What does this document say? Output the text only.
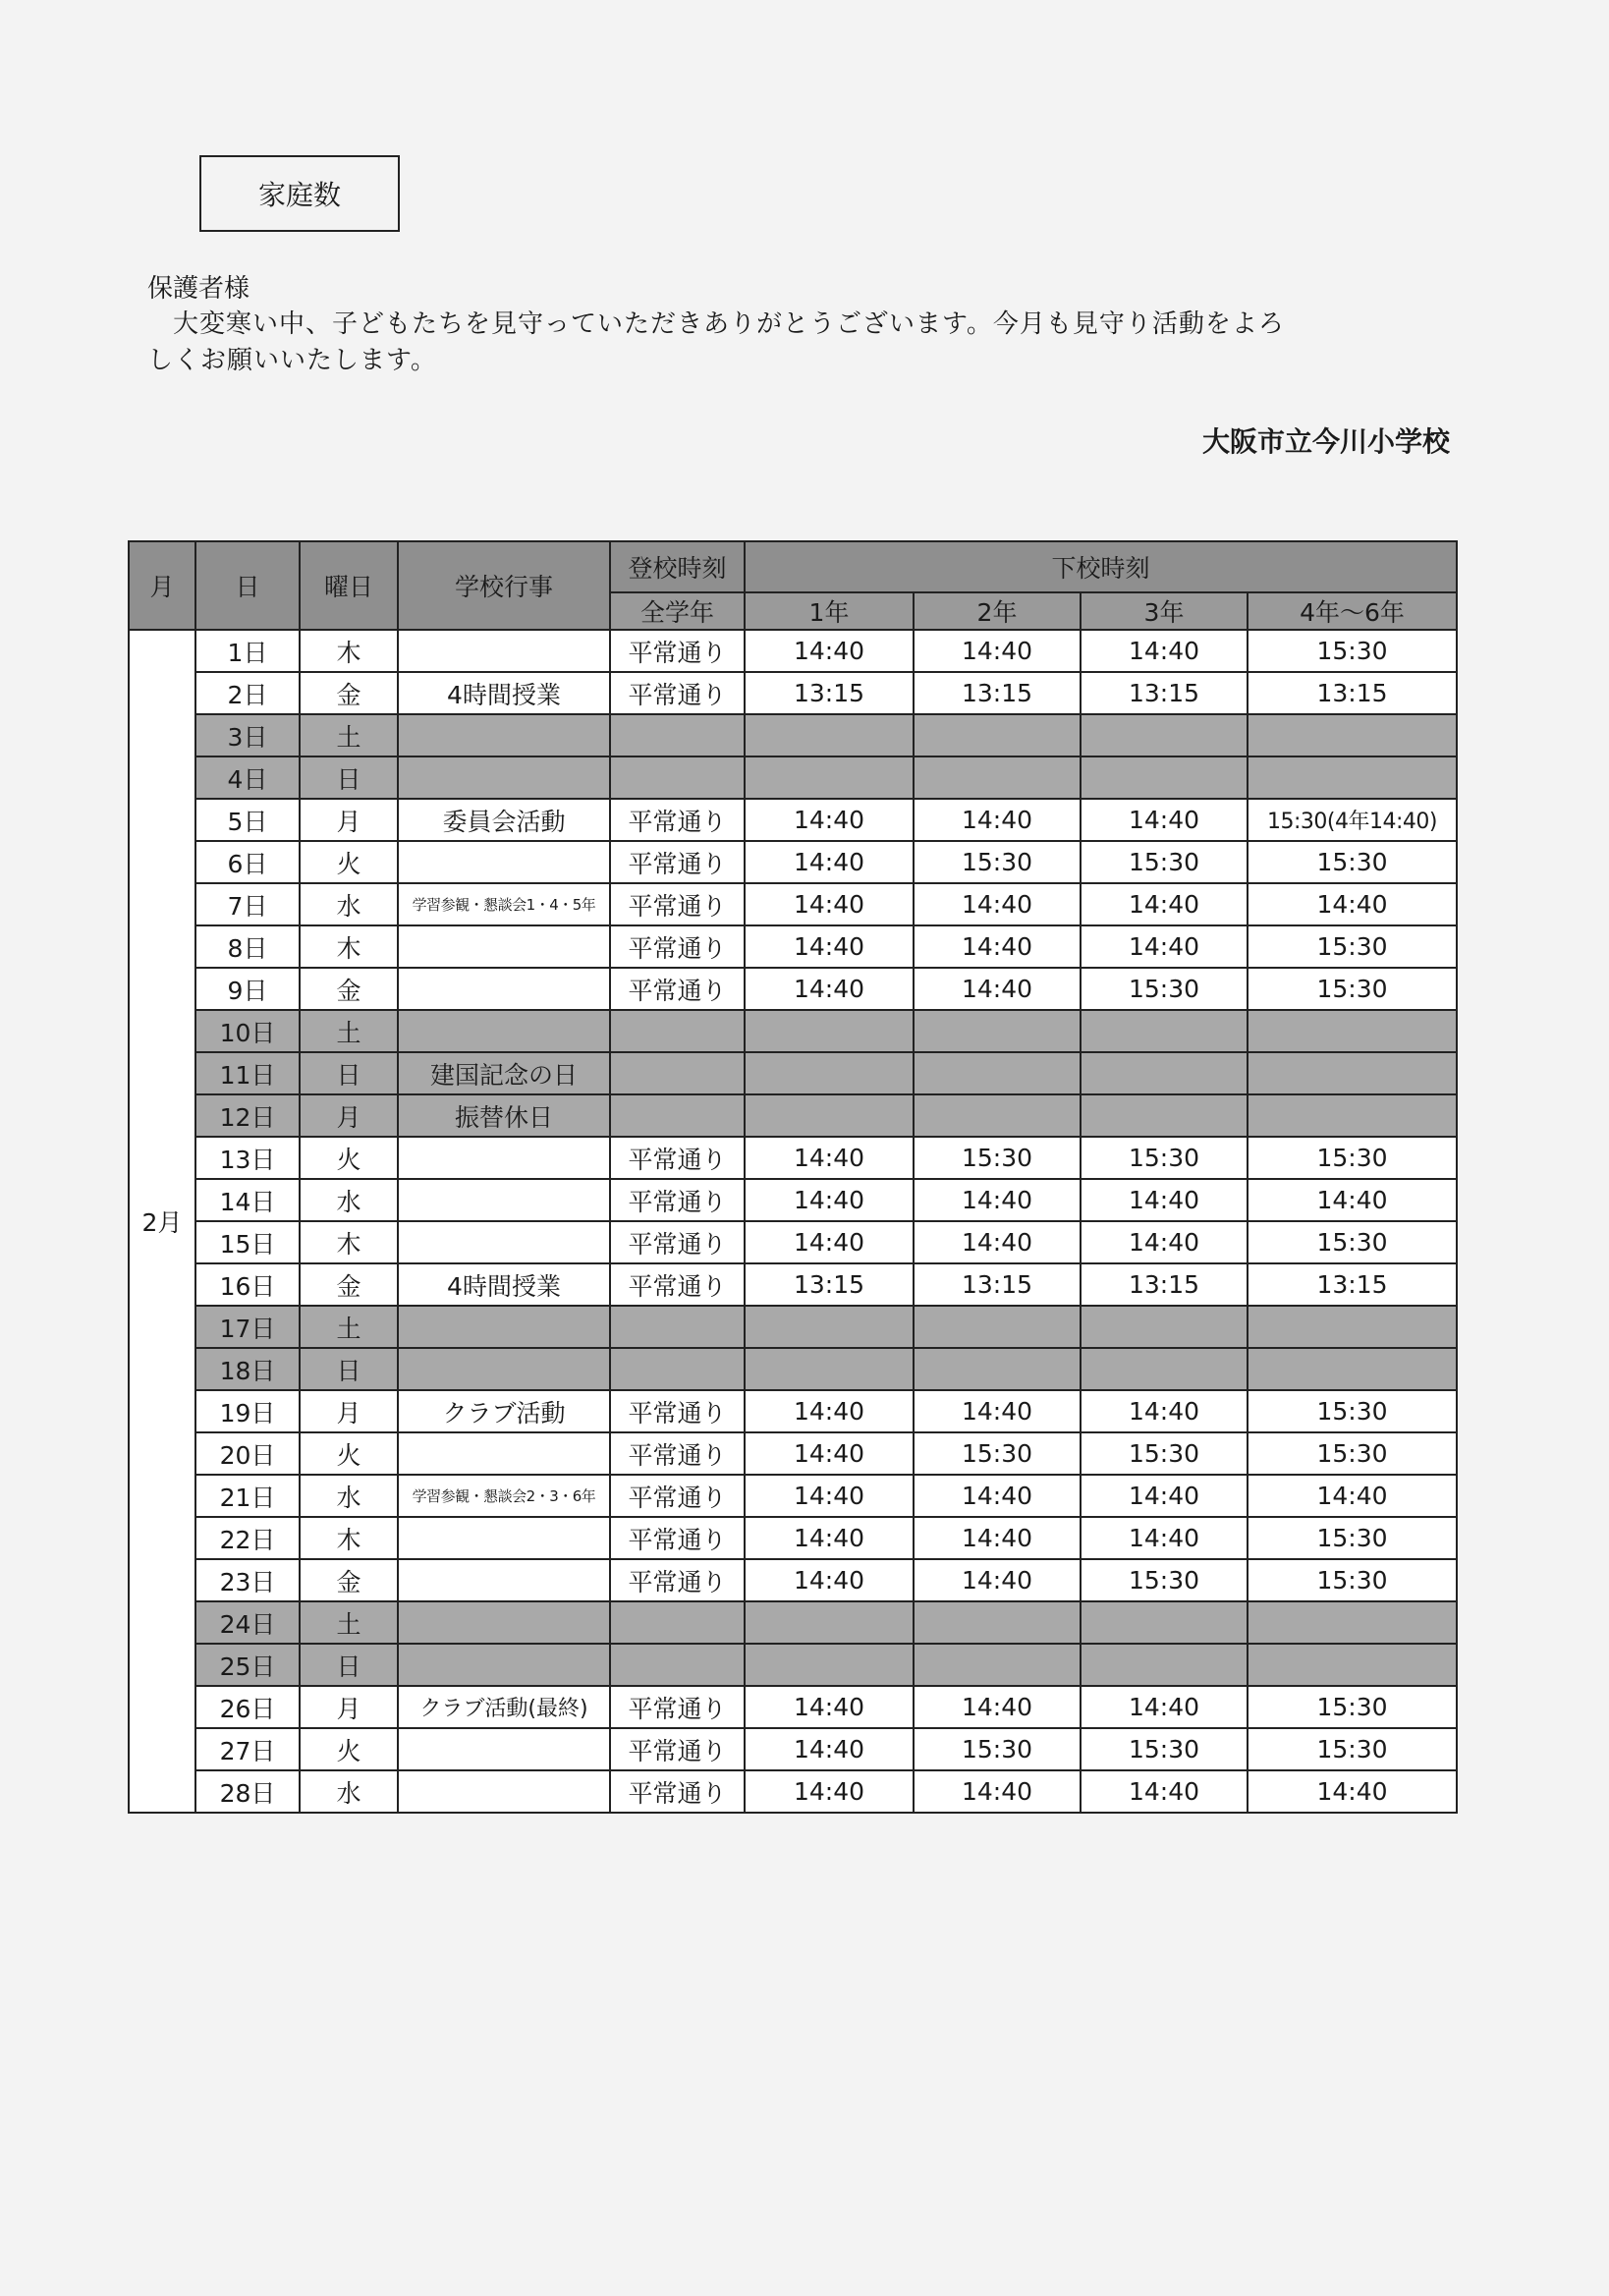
家庭数
保護者様
大変寒い中、子どもたちを見守っていただきありがとうございます。今月も見守り活動をよろ
しくお願いいたします。
大阪市立今川小学校
月	日	曜日	学校行事	登校時刻	下校時刻			
				全学年	1年	2年	3年	4年～6年
2月	1日	木		平常通り	14:40	14:40	14:40	15:30
	2日	金	4時間授業	平常通り	13:15	13:15	13:15	13:15
	3日	土						
	4日	日						
	5日	月	委員会活動	平常通り	14:40	14:40	14:40	15:30(4年14:40)
	6日	火		平常通り	14:40	15:30	15:30	15:30
	7日	水	学習参観・懇談会1・4・5年	平常通り	14:40	14:40	14:40	14:40
	8日	木		平常通り	14:40	14:40	14:40	15:30
	9日	金		平常通り	14:40	14:40	15:30	15:30
	10日	土						
	11日	日	建国記念の日					
	12日	月	振替休日					
	13日	火		平常通り	14:40	15:30	15:30	15:30
	14日	水		平常通り	14:40	14:40	14:40	14:40
	15日	木		平常通り	14:40	14:40	14:40	15:30
	16日	金	4時間授業	平常通り	13:15	13:15	13:15	13:15
	17日	土						
	18日	日						
	19日	月	クラブ活動	平常通り	14:40	14:40	14:40	15:30
	20日	火		平常通り	14:40	15:30	15:30	15:30
	21日	水	学習参観・懇談会2・3・6年	平常通り	14:40	14:40	14:40	14:40
	22日	木		平常通り	14:40	14:40	14:40	15:30
	23日	金		平常通り	14:40	14:40	15:30	15:30
	24日	土						
	25日	日						
	26日	月	クラブ活動(最終)	平常通り	14:40	14:40	14:40	15:30
	27日	火		平常通り	14:40	15:30	15:30	15:30
	28日	水		平常通り	14:40	14:40	14:40	14:40
